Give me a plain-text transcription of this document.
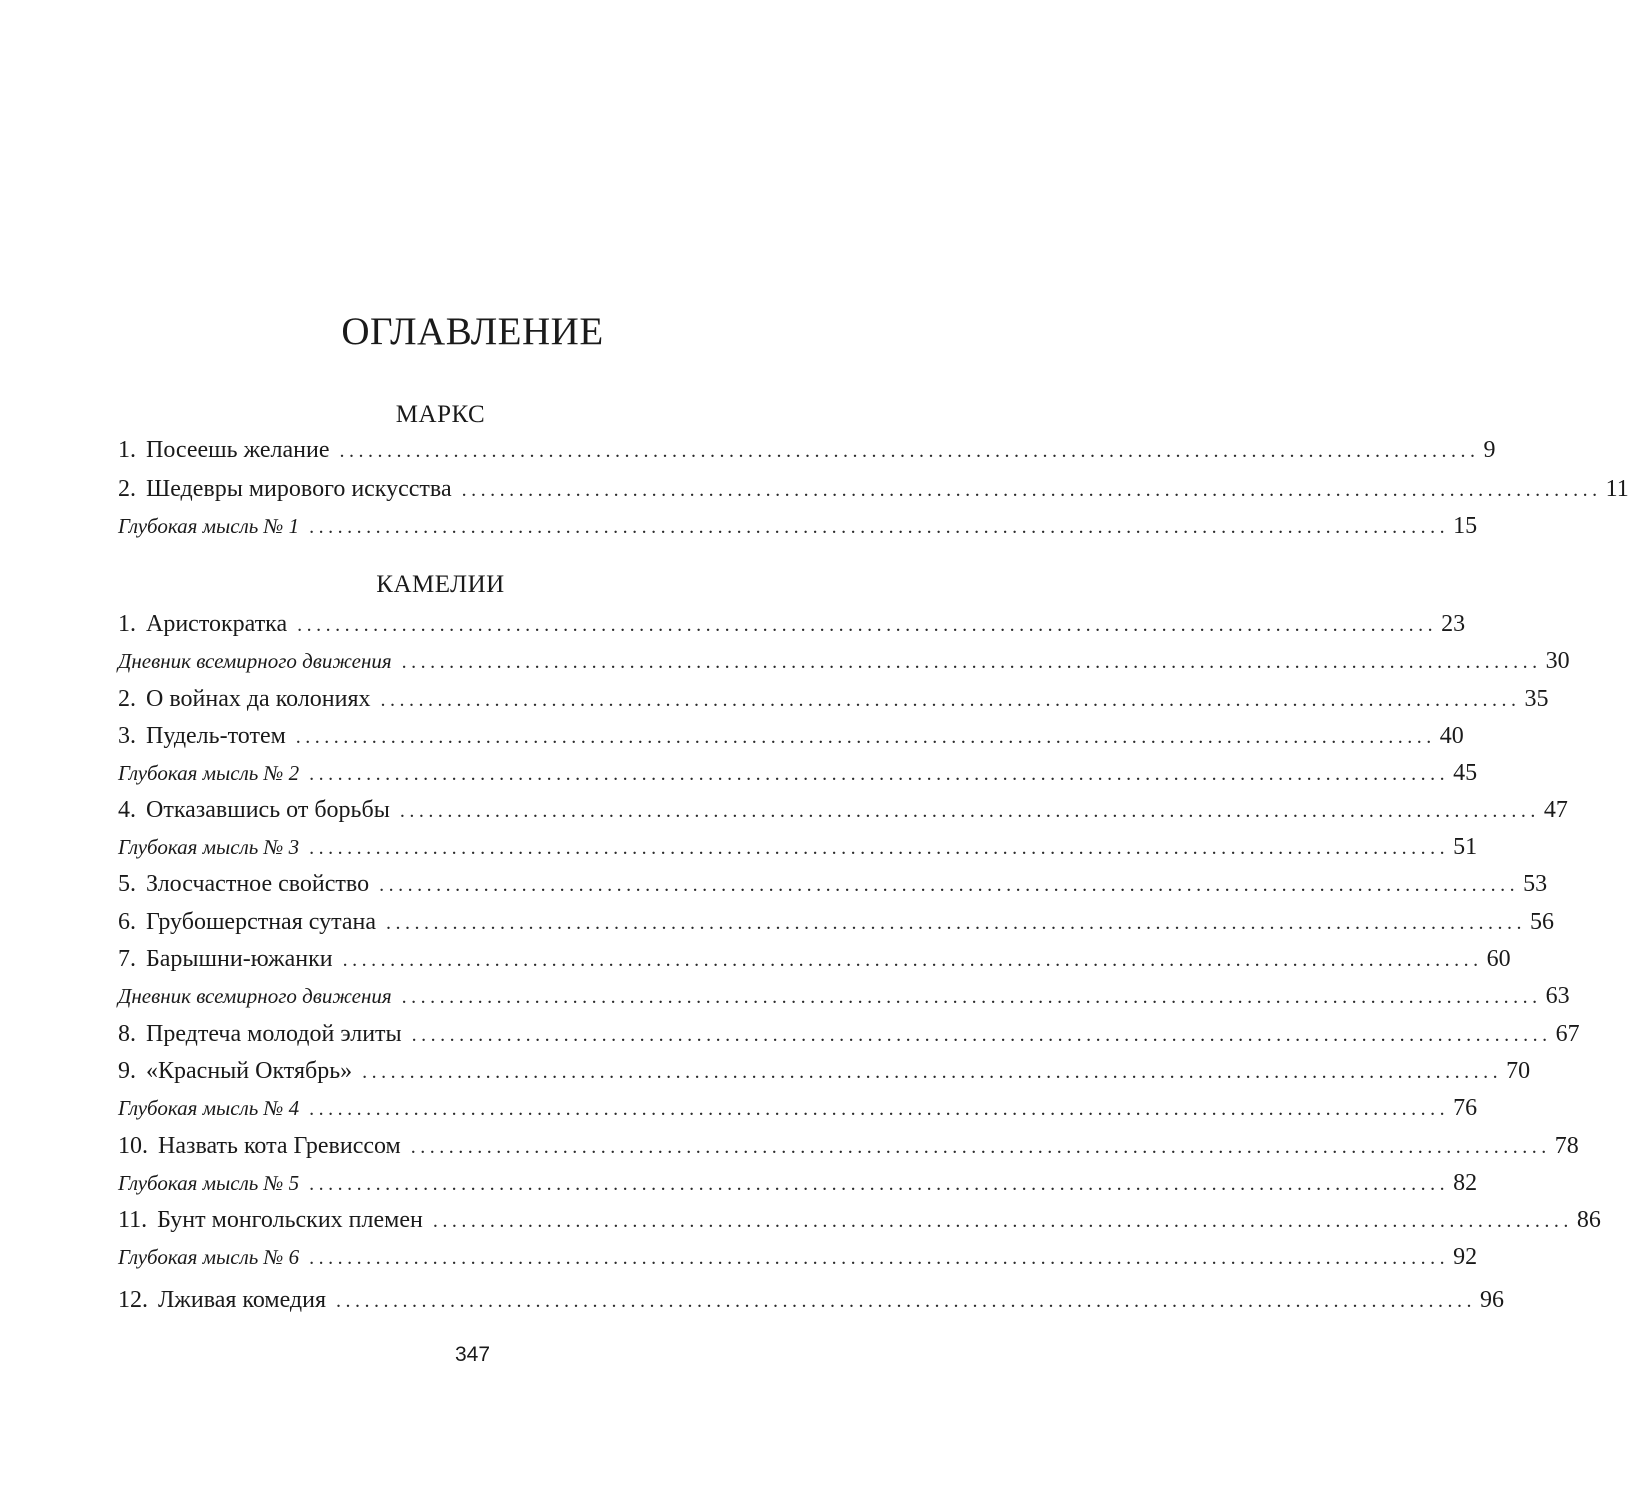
ОГЛАВЛЕНИЕ
МАРКС
1. Посеешь желание ........................................................................................................................ 9
2. Шедевры мирового искусства ........................................................................................................................ 11
Глубокая мысль № 1 ........................................................................................................................ 15
КАМЕЛИИ
1. Аристократка ........................................................................................................................ 23
Дневник всемирного движения ........................................................................................................................ 30
2. О войнах да колониях ........................................................................................................................ 35
3. Пудель-тотем ........................................................................................................................ 40
Глубокая мысль № 2 ........................................................................................................................ 45
4. Отказавшись от борьбы ........................................................................................................................ 47
Глубокая мысль № 3 ........................................................................................................................ 51
5. Злосчастное свойство ........................................................................................................................ 53
6. Грубошерстная сутана ........................................................................................................................ 56
7. Барышни-южанки ........................................................................................................................ 60
Дневник всемирного движения ........................................................................................................................ 63
8. Предтеча молодой элиты ........................................................................................................................ 67
9. «Красный Октябрь» ........................................................................................................................ 70
Глубокая мысль № 4 ........................................................................................................................ 76
10. Назвать кота Гревиссом ........................................................................................................................ 78
Глубокая мысль № 5 ........................................................................................................................ 82
11. Бунт монгольских племен ........................................................................................................................ 86
Глубокая мысль № 6 ........................................................................................................................ 92
12. Лживая комедия ........................................................................................................................ 96
347
